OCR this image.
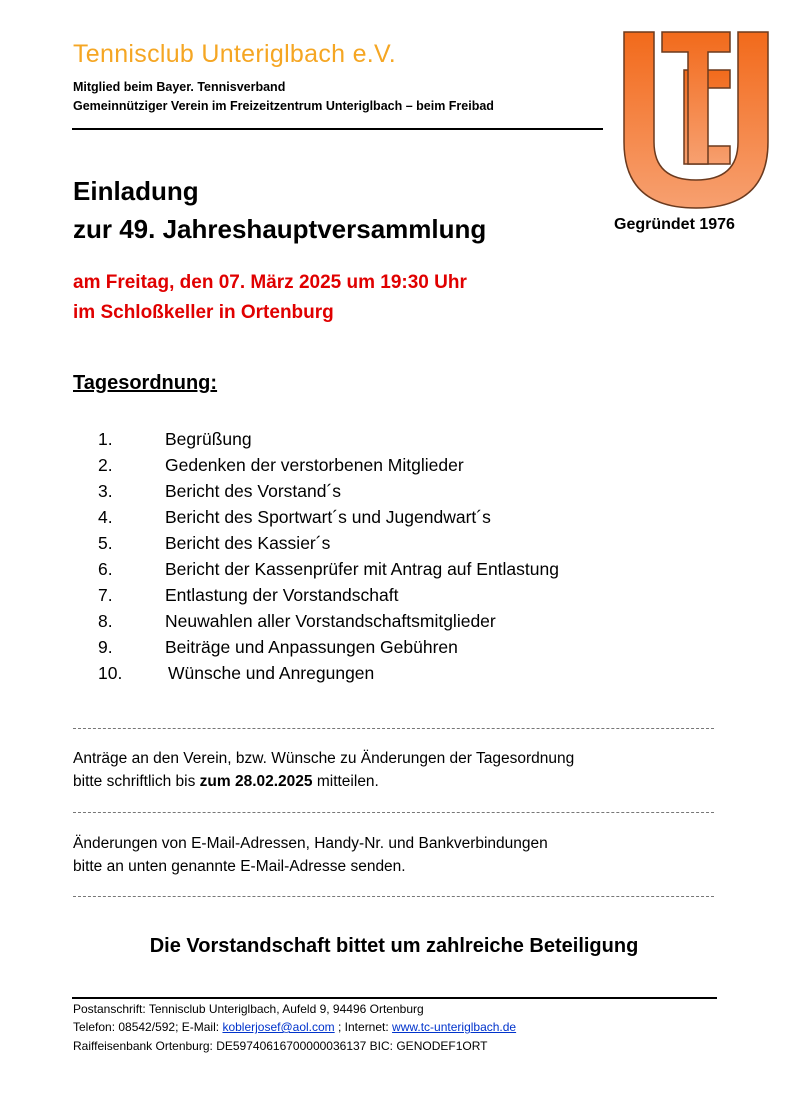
Tennisclub Unteriglbach e.V.
Mitglied beim Bayer. Tennisverband
Gemeinnütziger Verein im Freizeitzentrum Unteriglbach – beim Freibad
Gegründet 1976
Einladung
zur 49. Jahreshauptversammlung
am Freitag, den 07. März 2025 um 19:30 Uhr
im Schloßkeller in Ortenburg
Tagesordnung:
1.	Begrüßung
2.	Gedenken der verstorbenen Mitglieder
3.	Bericht des Vorstand´s
4.	Bericht des Sportwart´s und Jugendwart´s
5.	Bericht des Kassier´s
6.	Bericht der Kassenprüfer mit Antrag auf Entlastung
7.	Entlastung der Vorstandschaft
8.	Neuwahlen aller Vorstandschaftsmitglieder
9.	Beiträge und Anpassungen Gebühren
10.	Wünsche und Anregungen
Anträge an den Verein, bzw. Wünsche zu Änderungen der Tagesordnung
bitte schriftlich bis zum 28.02.2025 mitteilen.
Änderungen von E-Mail-Adressen, Handy-Nr. und Bankverbindungen
bitte an unten genannte E-Mail-Adresse senden.
Die Vorstandschaft bittet um zahlreiche Beteiligung
Postanschrift: Tennisclub Unteriglbach, Aufeld 9, 94496 Ortenburg
Telefon: 08542/592; E-Mail: koblerjosef@aol.com ; Internet: www.tc-unteriglbach.de
Raiffeisenbank Ortenburg: DE59740616700000036137 BIC: GENODEF1ORT
